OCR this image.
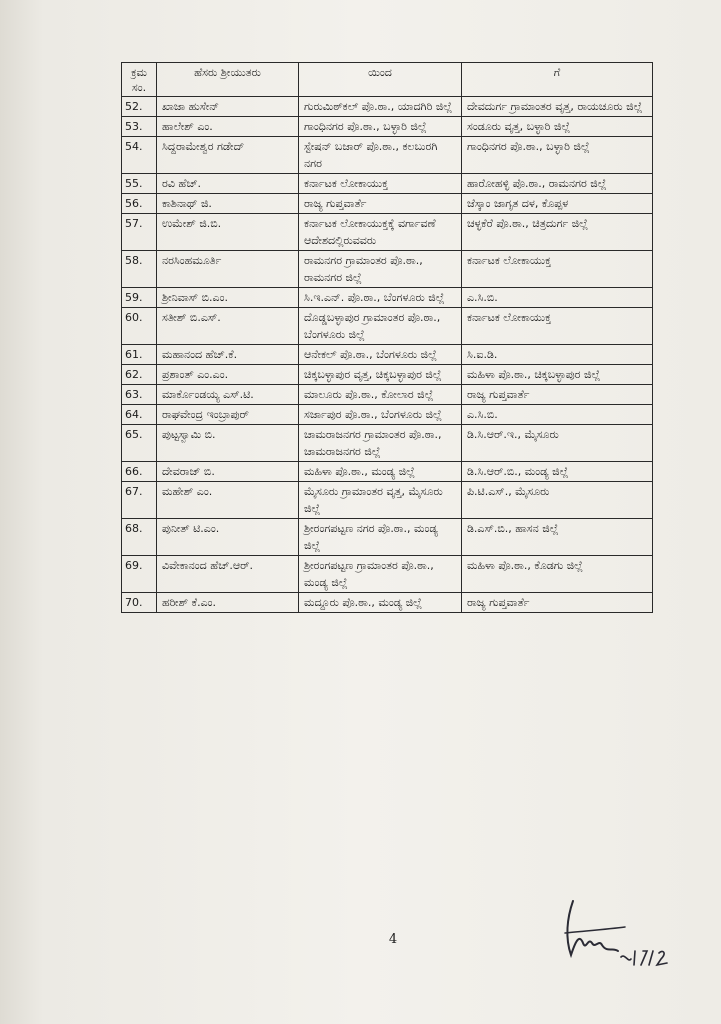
ಕ್ರಮ ಸಂ.	ಹೆಸರು ಶ್ರೀಯುತರು	ಯಿಂದ	ಗೆ
52.	ಖಾಜಾ ಹುಸೇನ್	ಗುರುಮಿಠ್‌ಕಲ್ ಪೊ.ಠಾ., ಯಾದಗಿರಿ ಜಿಲ್ಲೆ	ದೇವದುರ್ಗ ಗ್ರಾಮಾಂತರ ವೃತ್ತ, ರಾಯಚೂರು ಜಿಲ್ಲೆ
53.	ಹಾಲೇಶ್ ಎಂ.	ಗಾಂಧಿನಗರ ಪೊ.ಠಾ., ಬಳ್ಳಾರಿ ಜಿಲ್ಲೆ	ಸಂಡೂರು ವೃತ್ತ, ಬಳ್ಳಾರಿ ಜಿಲ್ಲೆ
54.	ಸಿದ್ದರಾಮೇಶ್ವರ ಗಡೇದ್	ಸ್ಟೇಷನ್ ಬಜಾರ್ ಪೊ.ಠಾ., ಕಲಬುರಗಿ ನಗರ	ಗಾಂಧಿನಗರ ಪೊ.ಠಾ., ಬಳ್ಳಾರಿ ಜಿಲ್ಲೆ
55.	ರವಿ ಹೆಚ್.	ಕರ್ನಾಟಕ ಲೋಕಾಯುಕ್ತ	ಹಾರೋಹಳ್ಳಿ ಪೊ.ಠಾ., ರಾಮನಗರ ಜಿಲ್ಲೆ
56.	ಕಾಶಿನಾಥ್ ಜಿ.	ರಾಜ್ಯ ಗುಪ್ತವಾರ್ತೆ	ಜೆಸ್ಕಾಂ ಜಾಗೃತ ದಳ, ಕೊಪ್ಪಳ
57.	ಉಮೇಶ್ ಜಿ.ಬಿ.	ಕರ್ನಾಟಕ ಲೋಕಾಯುಕ್ತಕ್ಕೆ ವರ್ಗಾವಣೆ ಆದೇಶದಲ್ಲಿರುವವರು	ಚಳ್ಳಕೆರೆ ಪೊ.ಠಾ., ಚಿತ್ರದುರ್ಗ ಜಿಲ್ಲೆ
58.	ನರಸಿಂಹಮೂರ್ತಿ	ರಾಮನಗರ ಗ್ರಾಮಾಂತರ ಪೊ.ಠಾ., ರಾಮನಗರ ಜಿಲ್ಲೆ	ಕರ್ನಾಟಕ ಲೋಕಾಯುಕ್ತ
59.	ಶ್ರೀನಿವಾಸ್ ಬಿ.ಎಂ.	ಸಿ.ಇ.ಎನ್. ಪೊ.ಠಾ., ಬೆಂಗಳೂರು ಜಿಲ್ಲೆ	ಎ.ಸಿ.ಬಿ.
60.	ಸತೀಶ್ ಬಿ.ಎಸ್.	ದೊಡ್ಡಬಳ್ಳಾಪುರ ಗ್ರಾಮಾಂತರ ಪೊ.ಠಾ., ಬೆಂಗಳೂರು ಜಿಲ್ಲೆ	ಕರ್ನಾಟಕ ಲೋಕಾಯುಕ್ತ
61.	ಮಹಾನಂದ ಹೆಚ್.ಕೆ.	ಆನೇಕಲ್ ಪೊ.ಠಾ., ಬೆಂಗಳೂರು ಜಿಲ್ಲೆ	ಸಿ.ಐ.ಡಿ.
62.	ಪ್ರಶಾಂತ್ ಎಂ.ಎಂ.	ಚಿಕ್ಕಬಳ್ಳಾಪುರ ವೃತ್ತ, ಚಿಕ್ಕಬಳ್ಳಾಪುರ ಜಿಲ್ಲೆ	ಮಹಿಳಾ ಪೊ.ಠಾ., ಚಿಕ್ಕಬಳ್ಳಾಪುರ ಜಿಲ್ಲೆ
63.	ಮಾರ್ಕೊಂಡಯ್ಯ ಎಸ್.ಟಿ.	ಮಾಲೂರು ಪೊ.ಠಾ., ಕೋಲಾರ ಜಿಲ್ಲೆ	ರಾಜ್ಯ ಗುಪ್ತವಾರ್ತೆ
64.	ರಾಘವೇಂದ್ರ ಇಂಬ್ರಾಪುರ್	ಸರ್ಜಾಪುರ ಪೊ.ಠಾ., ಬೆಂಗಳೂರು ಜಿಲ್ಲೆ	ಎ.ಸಿ.ಬಿ.
65.	ಪುಟ್ಟಸ್ವಾಮಿ ಬಿ.	ಚಾಮರಾಜನಗರ ಗ್ರಾಮಾಂತರ ಪೊ.ಠಾ., ಚಾಮರಾಜನಗರ ಜಿಲ್ಲೆ	ಡಿ.ಸಿ.ಆರ್.ಇ., ಮೈಸೂರು
66.	ದೇವರಾಜ್ ಬಿ.	ಮಹಿಳಾ ಪೊ.ಠಾ., ಮಂಡ್ಯ ಜಿಲ್ಲೆ	ಡಿ.ಸಿ.ಆರ್.ಬಿ., ಮಂಡ್ಯ ಜಿಲ್ಲೆ
67.	ಮಹೇಶ್ ಎಂ.	ಮೈಸೂರು ಗ್ರಾಮಾಂತರ ವೃತ್ತ, ಮೈಸೂರು ಜಿಲ್ಲೆ	ಪಿ.ಟಿ.ಎಸ್., ಮೈಸೂರು
68.	ಪುನೀತ್ ಟಿ.ಎಂ.	ಶ್ರೀರಂಗಪಟ್ಟಣ ನಗರ ಪೊ.ಠಾ., ಮಂಡ್ಯ ಜಿಲ್ಲೆ	ಡಿ.ಎಸ್.ಬಿ., ಹಾಸನ ಜಿಲ್ಲೆ
69.	ವಿವೇಕಾನಂದ ಹೆಚ್.ಆರ್.	ಶ್ರೀರಂಗಪಟ್ಟಣ ಗ್ರಾಮಾಂತರ ಪೊ.ಠಾ., ಮಂಡ್ಯ ಜಿಲ್ಲೆ	ಮಹಿಳಾ ಪೊ.ಠಾ., ಕೊಡಗು ಜಿಲ್ಲೆ
70.	ಹರೀಶ್ ಕೆ.ಎಂ.	ಮದ್ದೂರು ಪೊ.ಠಾ., ಮಂಡ್ಯ ಜಿಲ್ಲೆ	ರಾಜ್ಯ ಗುಪ್ತವಾರ್ತೆ
4
